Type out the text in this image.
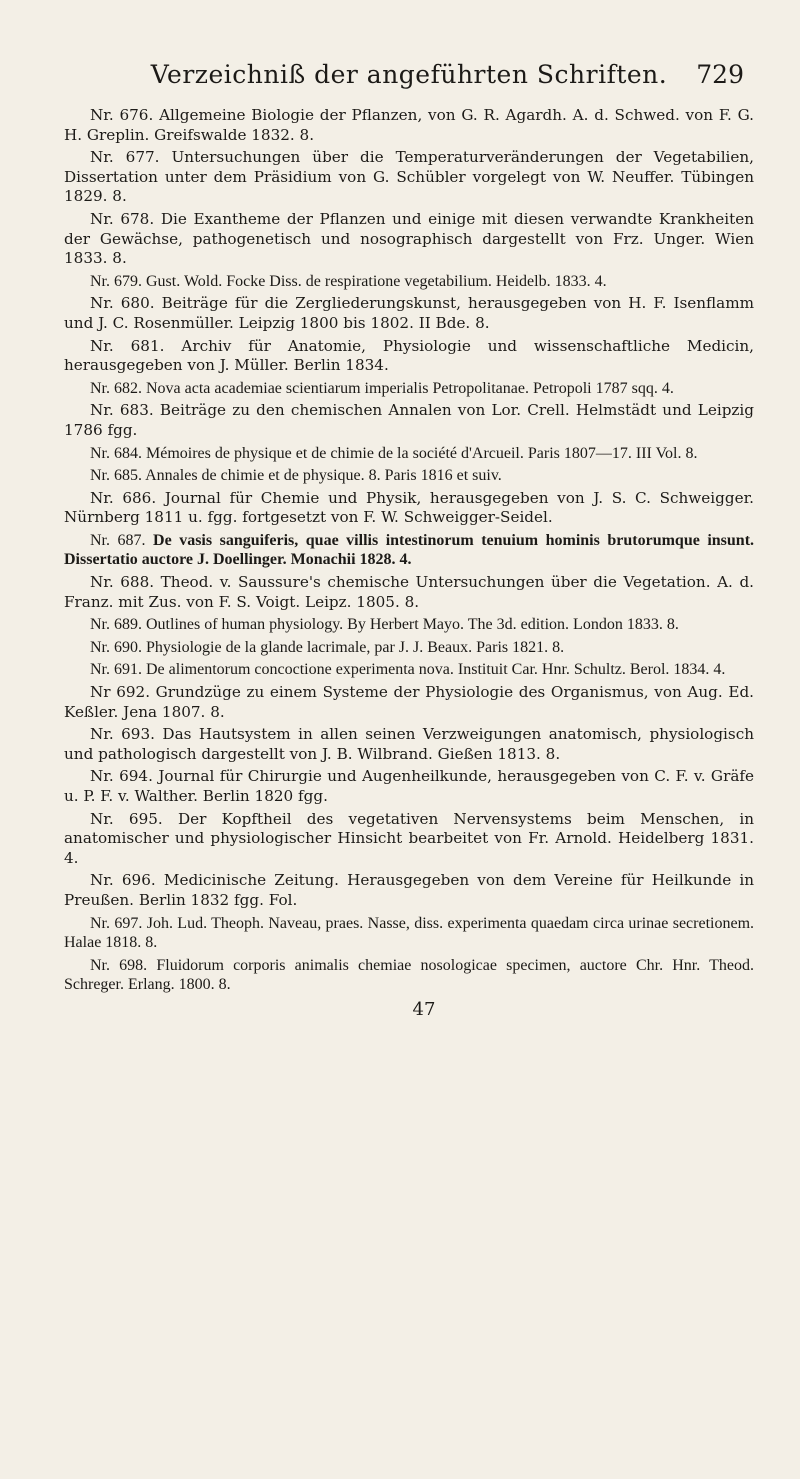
Verzeichniß der angeführten Schriften. 729

Nr. 676. Allgemeine Biologie der Pflanzen, von G. R. Agardh. A. d. Schwed. von F. G. H. Greplin. Greifswalde 1832. 8.

Nr. 677. Untersuchungen über die Temperaturveränderungen der Vegetabilien, Dissertation unter dem Präsidium von G. Schübler vorgelegt von W. Neuffer. Tübingen 1829. 8.

Nr. 678. Die Exantheme der Pflanzen und einige mit diesen verwandte Krankheiten der Gewächse, pathogenetisch und nosographisch dargestellt von Frz. Unger. Wien 1833. 8.

Nr. 679. Gust. Wold. Focke Diss. de respiratione vegetabilium. Heidelb. 1833. 4.

Nr. 680. Beiträge für die Zergliederungskunst, herausgegeben von H. F. Isenflamm und J. C. Rosenmüller. Leipzig 1800 bis 1802. II Bde. 8.

Nr. 681. Archiv für Anatomie, Physiologie und wissenschaftliche Medicin, herausgegeben von J. Müller. Berlin 1834.

Nr. 682. Nova acta academiae scientiarum imperialis Petropolitanae. Petropoli 1787 sqq. 4.

Nr. 683. Beiträge zu den chemischen Annalen von Lor. Crell. Helmstädt und Leipzig 1786 fgg.

Nr. 684. Mémoires de physique et de chimie de la société d'Arcueil. Paris 1807—17. III Vol. 8.

Nr. 685. Annales de chimie et de physique. 8. Paris 1816 et suiv.

Nr. 686. Journal für Chemie und Physik, herausgegeben von J. S. C. Schweigger. Nürnberg 1811 u. fgg. fortgesetzt von F. W. Schweigger-Seidel.

Nr. 687. De vasis sanguiferis, quae villis intestinorum tenuium hominis brutorumque insunt. Dissertatio auctore J. Doellinger. Monachii 1828. 4.

Nr. 688. Theod. v. Saussure's chemische Untersuchungen über die Vegetation. A. d. Franz. mit Zus. von F. S. Voigt. Leipz. 1805. 8.

Nr. 689. Outlines of human physiology. By Herbert Mayo. The 3d. edition. London 1833. 8.

Nr. 690. Physiologie de la glande lacrimale, par J. J. Beaux. Paris 1821. 8.

Nr. 691. De alimentorum concoctione experimenta nova. Instituit Car. Hnr. Schultz. Berol. 1834. 4.

Nr 692. Grundzüge zu einem Systeme der Physiologie des Organismus, von Aug. Ed. Keßler. Jena 1807. 8.

Nr. 693. Das Hautsystem in allen seinen Verzweigungen anatomisch, physiologisch und pathologisch dargestellt von J. B. Wilbrand. Gießen 1813. 8.

Nr. 694. Journal für Chirurgie und Augenheilkunde, herausgegeben von C. F. v. Gräfe u. P. F. v. Walther. Berlin 1820 fgg.

Nr. 695. Der Kopftheil des vegetativen Nervensystems beim Menschen, in anatomischer und physiologischer Hinsicht bearbeitet von Fr. Arnold. Heidelberg 1831. 4.

Nr. 696. Medicinische Zeitung. Herausgegeben von dem Vereine für Heilkunde in Preußen. Berlin 1832 fgg. Fol.

Nr. 697. Joh. Lud. Theoph. Naveau, praes. Nasse, diss. experimenta quaedam circa urinae secretionem. Halae 1818. 8.

Nr. 698. Fluidorum corporis animalis chemiae nosologicae specimen, auctore Chr. Hnr. Theod. Schreger. Erlang. 1800. 8.

47
